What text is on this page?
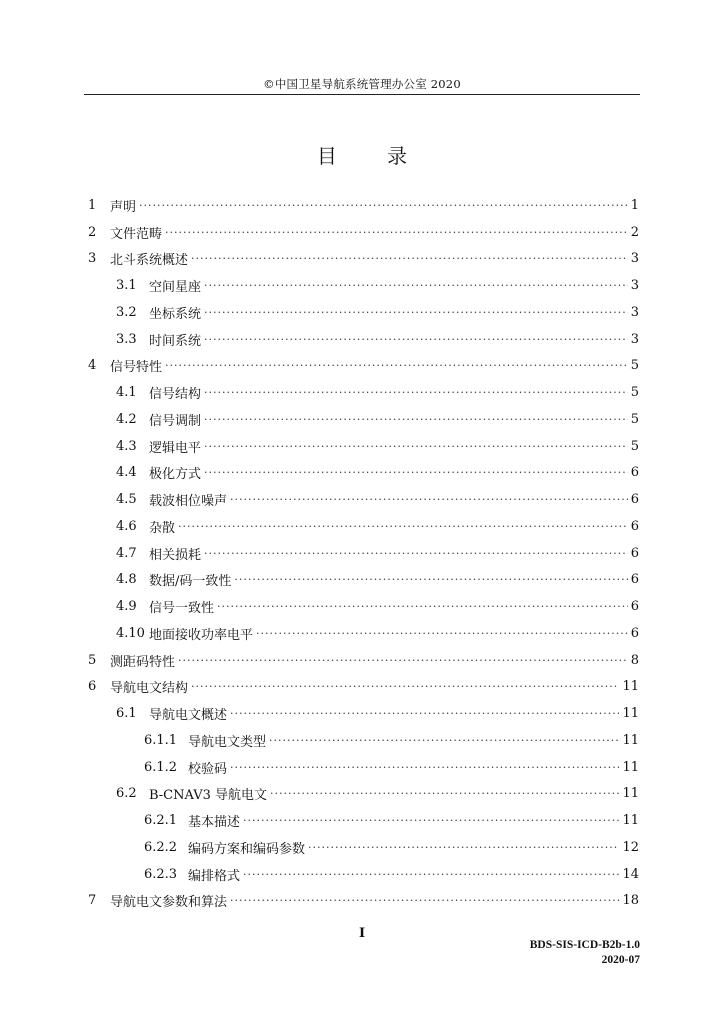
©中国卫星导航系统管理办公室 2020
目 录
1	声明 ·····	1
2	文件范畴 ·····	2
3	北斗系统概述 ·····	3
3.1 空间星座 ·····	3
3.2 坐标系统 ·····	3
3.3 时间系统 ·····	3
4	信号特性 ·····	5
4.1 信号结构 ·····	5
4.2 信号调制 ·····	5
4.3 逻辑电平 ·····	5
4.4 极化方式 ·····	6
4.5 载波相位噪声 ·····	6
4.6 杂散 ·····	6
4.7 相关损耗 ·····	6
4.8 数据/码一致性 ·····	6
4.9 信号一致性 ·····	6
4.10 地面接收功率电平 ·····	6
5	测距码特性 ·····	8
6	导航电文结构 ·····	11
6.1 导航电文概述 ·····	11
6.1.1 导航电文类型 ·····	11
6.1.2 校验码 ·····	11
6.2 B-CNAV3 导航电文 ·····	11
6.2.1 基本描述 ·····	11
6.2.2 编码方案和编码参数 ·····	12
6.2.3 编排格式 ·····	14
7	导航电文参数和算法 ·····	18
I
BDS-SIS-ICD-B2b-1.0
2020-07
